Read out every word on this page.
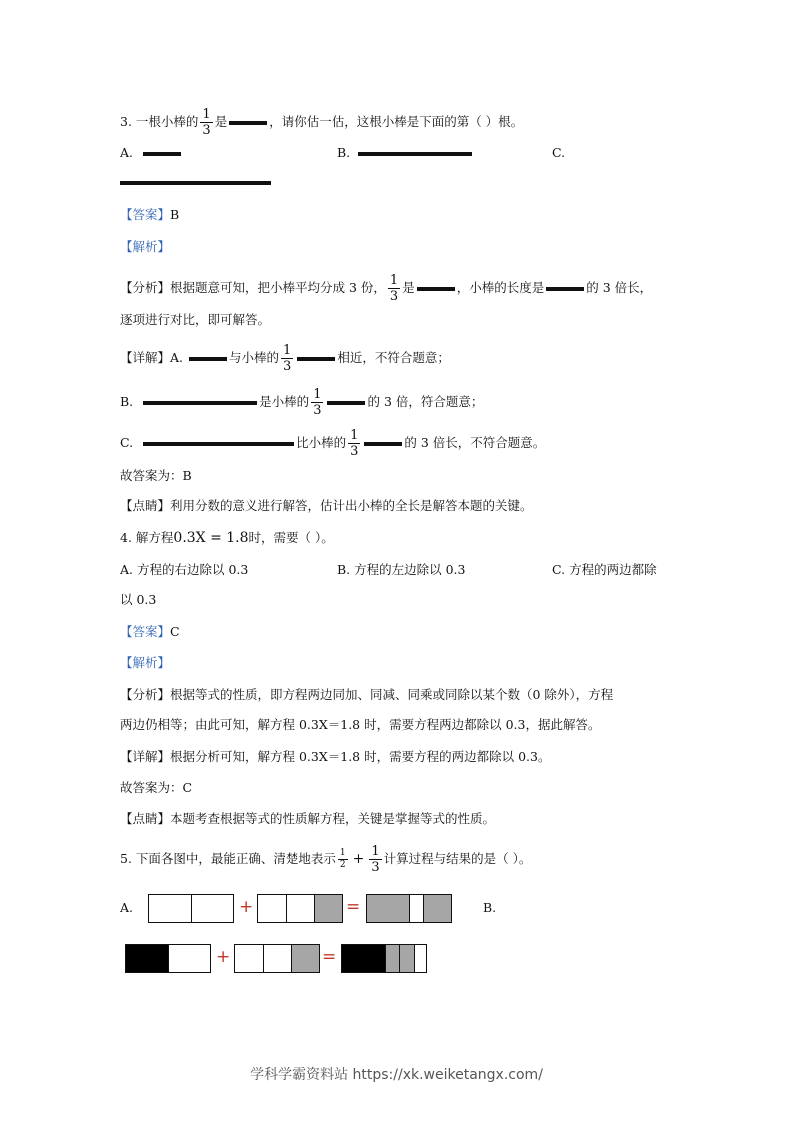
3. 一根小棒的 $\frac{1}{3}$ 是	，请你估一估，这根小棒是下面的第（ ）根。
A.	B.	C.
【答案】B
【解析】
【分析】根据题意可知，把小棒平均分成 3 份， $\frac{1}{3}$ 是	，小棒的长度是	的 3 倍长，
逐项进行对比，即可解答。
【详解】A.	与小棒的 $\frac{1}{3}$	相近，不符合题意；
B.	是小棒的 $\frac{1}{3}$	的 3 倍，符合题意；
C.	比小棒的 $\frac{1}{3}$	的 3 倍长，不符合题意。
故答案为：B
【点睛】利用分数的意义进行解答，估计出小棒的全长是解答本题的关键。
4. 解方程0.3X = 1.8时，需要（ ）。
A. 方程的右边除以 0.3	B. 方程的左边除以 0.3	C. 方程的两边都除
以 0.3
【答案】C
【解析】
【分析】根据等式的性质，即方程两边同加、同减、同乘或同除以某个数（0 除外），方程
两边仍相等；由此可知，解方程 0.3X＝1.8 时，需要方程两边都除以 0.3，据此解答。
【详解】根据分析可知，解方程 0.3X＝1.8 时，需要方程的两边都除以 0.3。
故答案为：C
【点睛】本题考查根据等式的性质解方程，关键是掌握等式的性质。
5. 下面各图中，最能正确、清楚地表示 $\frac{1}{2} + \frac{1}{3}$ 计算过程与结果的是（ ）。
A.	+	=	B.
+	=
学科学霸资料站 https://xk.weiketangx.com/
